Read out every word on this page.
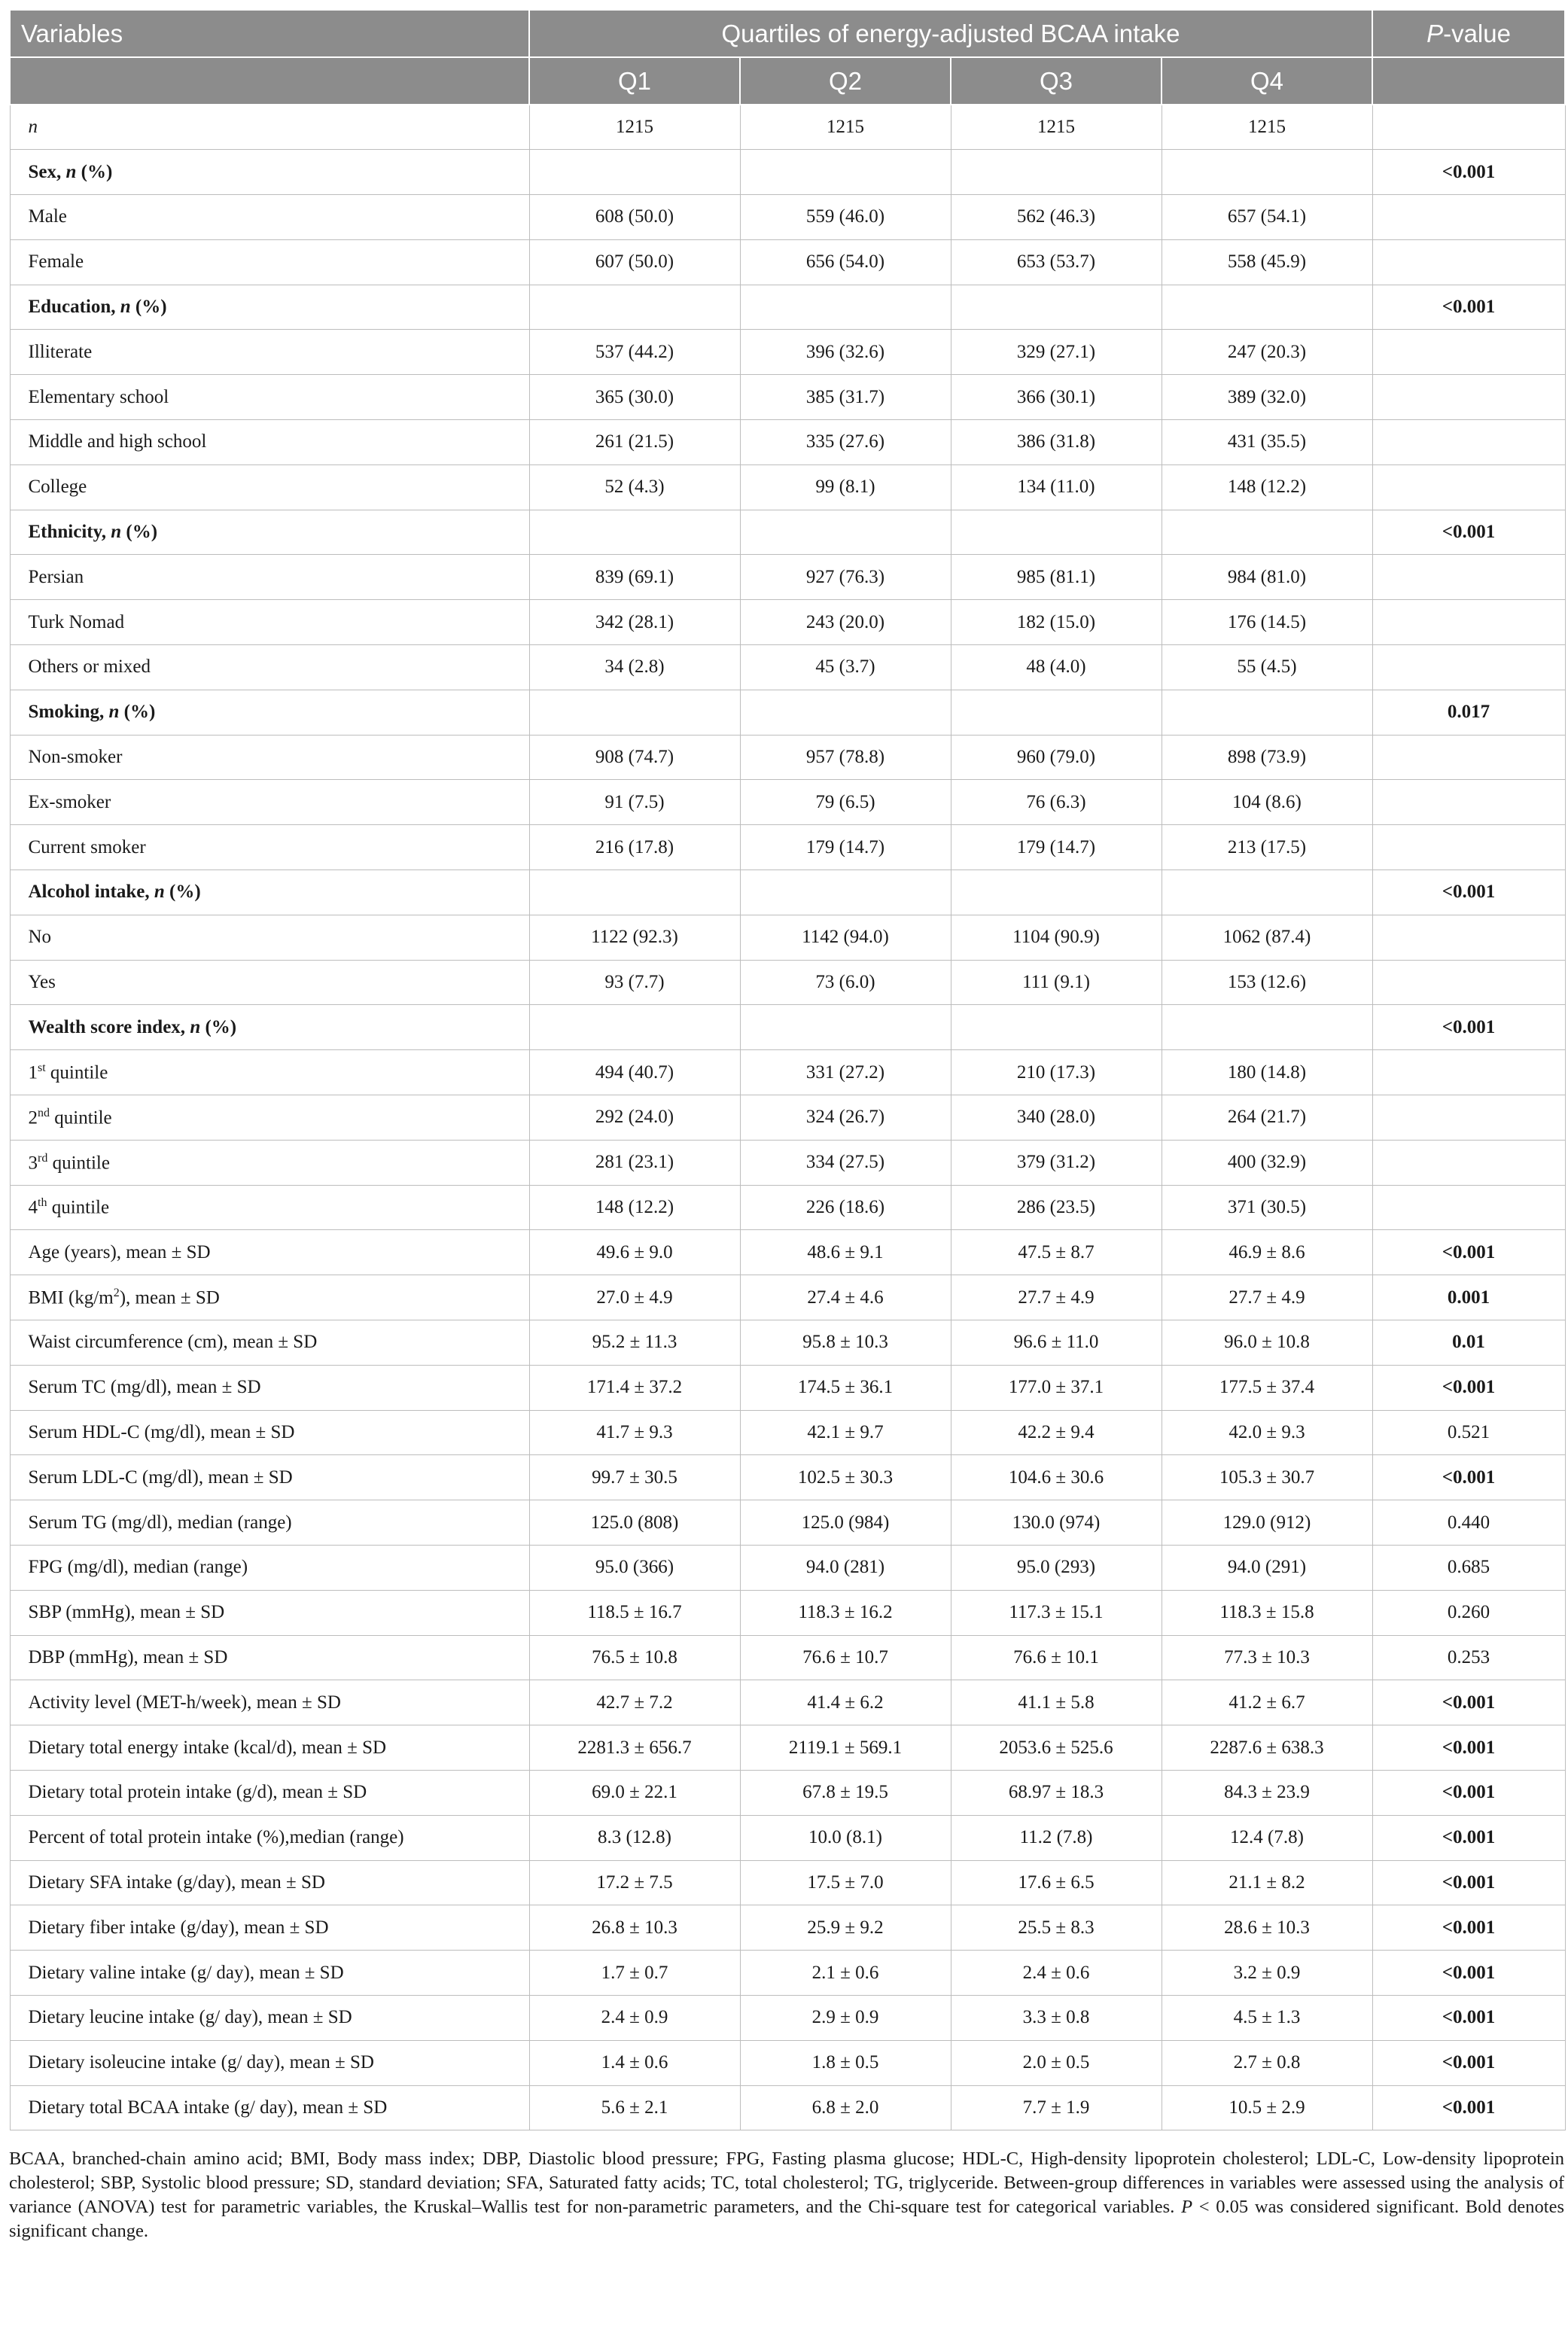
Variables	Quartiles of energy-adjusted BCAA intake				P-value
	Q1	Q2	Q3	Q4	
n	1215	1215	1215	1215	
Sex, n (%)					<0.001
Male	608 (50.0)	559 (46.0)	562 (46.3)	657 (54.1)	
Female	607 (50.0)	656 (54.0)	653 (53.7)	558 (45.9)	
Education, n (%)					<0.001
Illiterate	537 (44.2)	396 (32.6)	329 (27.1)	247 (20.3)	
Elementary school	365 (30.0)	385 (31.7)	366 (30.1)	389 (32.0)	
Middle and high school	261 (21.5)	335 (27.6)	386 (31.8)	431 (35.5)	
College	52 (4.3)	99 (8.1)	134 (11.0)	148 (12.2)	
Ethnicity, n (%)					<0.001
Persian	839 (69.1)	927 (76.3)	985 (81.1)	984 (81.0)	
Turk Nomad	342 (28.1)	243 (20.0)	182 (15.0)	176 (14.5)	
Others or mixed	34 (2.8)	45 (3.7)	48 (4.0)	55 (4.5)	
Smoking, n (%)					0.017
Non-smoker	908 (74.7)	957 (78.8)	960 (79.0)	898 (73.9)	
Ex-smoker	91 (7.5)	79 (6.5)	76 (6.3)	104 (8.6)	
Current smoker	216 (17.8)	179 (14.7)	179 (14.7)	213 (17.5)	
Alcohol intake, n (%)					<0.001
No	1122 (92.3)	1142 (94.0)	1104 (90.9)	1062 (87.4)	
Yes	93 (7.7)	73 (6.0)	111 (9.1)	153 (12.6)	
Wealth score index, n (%)					<0.001
1st quintile	494 (40.7)	331 (27.2)	210 (17.3)	180 (14.8)	
2nd quintile	292 (24.0)	324 (26.7)	340 (28.0)	264 (21.7)	
3rd quintile	281 (23.1)	334 (27.5)	379 (31.2)	400 (32.9)	
4th quintile	148 (12.2)	226 (18.6)	286 (23.5)	371 (30.5)	
Age (years), mean ± SD	49.6 ± 9.0	48.6 ± 9.1	47.5 ± 8.7	46.9 ± 8.6	<0.001
BMI $(kg/m^2)$, mean ± SD	27.0 ± 4.9	27.4 ± 4.6	27.7 ± 4.9	27.7 ± 4.9	0.001
Waist circumference (cm), mean ± SD	95.2 ± 11.3	95.8 ± 10.3	96.6 ± 11.0	96.0 ± 10.8	0.01
Serum TC (mg/dl), mean ± SD	171.4 ± 37.2	174.5 ± 36.1	177.0 ± 37.1	177.5 ± 37.4	<0.001
Serum HDL-C (mg/dl), mean ± SD	41.7 ± 9.3	42.1 ± 9.7	42.2 ± 9.4	42.0 ± 9.3	0.521
Serum LDL-C (mg/dl), mean ± SD	99.7 ± 30.5	102.5 ± 30.3	104.6 ± 30.6	105.3 ± 30.7	<0.001
Serum TG (mg/dl), median (range)	125.0 (808)	125.0 (984)	130.0 (974)	129.0 (912)	0.440
FPG (mg/dl), median (range)	95.0 (366)	94.0 (281)	95.0 (293)	94.0 (291)	0.685
SBP (mmHg), mean ± SD	118.5 ± 16.7	118.3 ± 16.2	117.3 ± 15.1	118.3 ± 15.8	0.260
DBP (mmHg), mean ± SD	76.5 ± 10.8	76.6 ± 10.7	76.6 ± 10.1	77.3 ± 10.3	0.253
Activity level (MET-h/week), mean ± SD	42.7 ± 7.2	41.4 ± 6.2	41.1 ± 5.8	41.2 ± 6.7	<0.001
Dietary total energy intake (kcal/d), mean ± SD	2281.3 ± 656.7	2119.1 ± 569.1	2053.6 ± 525.6	2287.6 ± 638.3	<0.001
Dietary total protein intake (g/d), mean ± SD	69.0 ± 22.1	67.8 ± 19.5	68.97 ± 18.3	84.3 ± 23.9	<0.001
Percent of total protein intake (%),median (range)	8.3 (12.8)	10.0 (8.1)	11.2 (7.8)	12.4 (7.8)	<0.001
Dietary SFA intake (g/day), mean ± SD	17.2 ± 7.5	17.5 ± 7.0	17.6 ± 6.5	21.1 ± 8.2	<0.001
Dietary fiber intake (g/day), mean ± SD	26.8 ± 10.3	25.9 ± 9.2	25.5 ± 8.3	28.6 ± 10.3	<0.001
Dietary valine intake (g/ day), mean ± SD	1.7 ± 0.7	2.1 ± 0.6	2.4 ± 0.6	3.2 ± 0.9	<0.001
Dietary leucine intake (g/ day), mean ± SD	2.4 ± 0.9	2.9 ± 0.9	3.3 ± 0.8	4.5 ± 1.3	<0.001
Dietary isoleucine intake (g/ day), mean ± SD	1.4 ± 0.6	1.8 ± 0.5	2.0 ± 0.5	2.7 ± 0.8	<0.001
Dietary total BCAA intake (g/ day), mean ± SD	5.6 ± 2.1	6.8 ± 2.0	7.7 ± 1.9	10.5 ± 2.9	<0.001
BCAA, branched-chain amino acid; BMI, Body mass index; DBP, Diastolic blood pressure; FPG, Fasting plasma glucose; HDL-C, High-density lipoprotein cholesterol; LDL-C, Low-density lipoprotein cholesterol; SBP, Systolic blood pressure; SD, standard deviation; SFA, Saturated fatty acids; TC, total cholesterol; TG, triglyceride. Between-group differences in variables were assessed using the analysis of variance (ANOVA) test for parametric variables, the Kruskal–Wallis test for non-parametric parameters, and the Chi-square test for categorical variables. P < 0.05 was considered significant. Bold denotes significant change.
